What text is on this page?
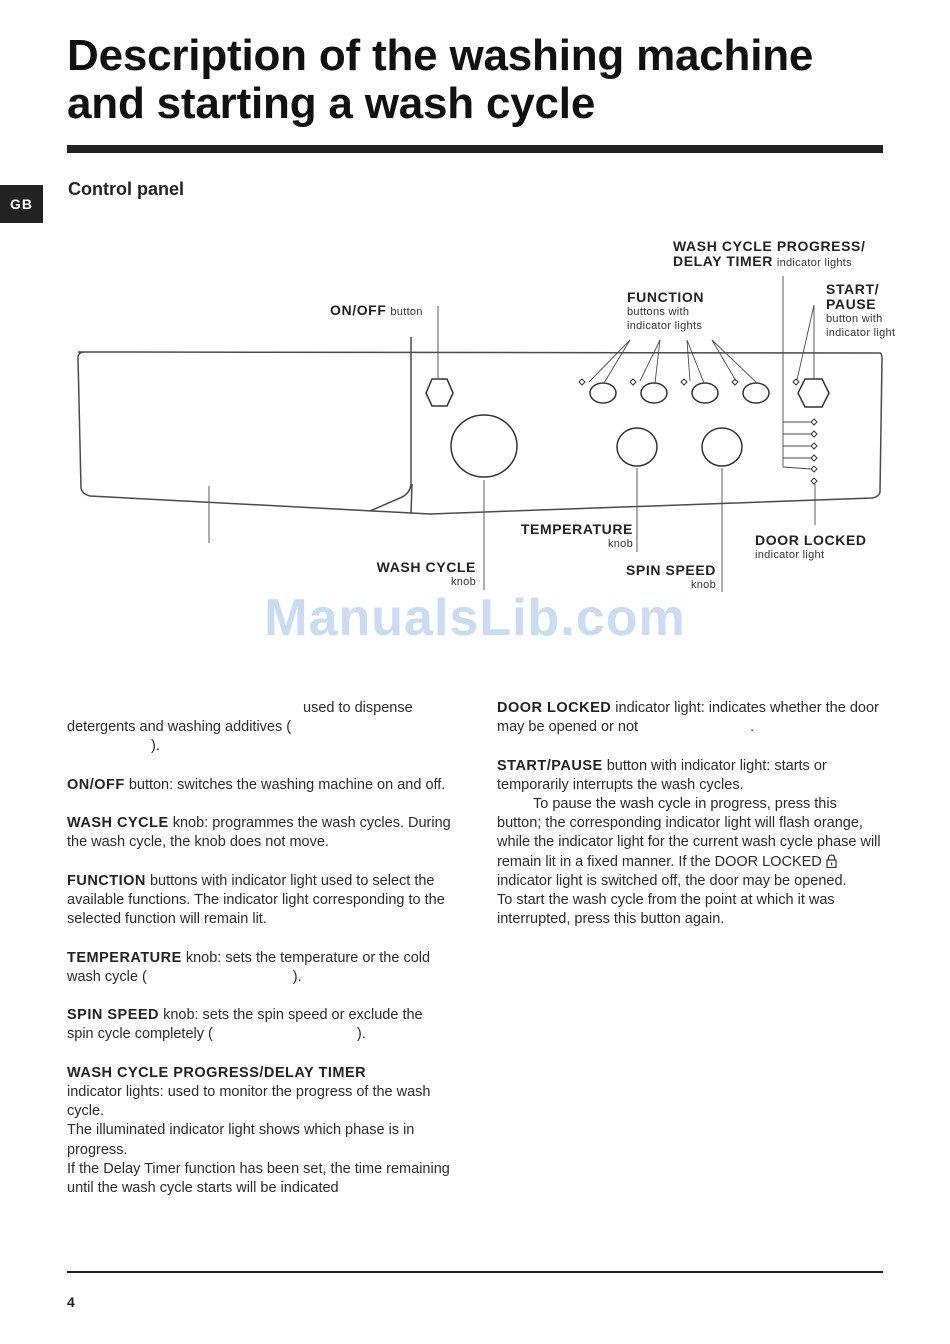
Description of the washing machine
and starting a wash cycle
GB
Control panel
WASH CYCLE PROGRESS/
DELAY TIMER indicator lights
ON/OFF button
FUNCTION
buttons with
indicator lights
START/
PAUSE
button with
indicator light
TEMPERATURE
knob	DOOR LOCKED
indicator light
WASH CYCLE
knob
SPIN SPEED
knob
ManualsLib.com

used to dispense detergents and washing additives (
).

ON/OFF button: switches the washing machine on and off.

WASH CYCLE knob: programmes the wash cycles. During the wash cycle, the knob does not move.

FUNCTION buttons with indicator light used to select the available functions. The indicator light corresponding to the selected function will remain lit.

TEMPERATURE knob: sets the temperature or the cold wash cycle (	).

SPIN SPEED knob: sets the spin speed or exclude the spin cycle completely (	).

WASH CYCLE PROGRESS/DELAY TIMER
indicator lights: used to monitor the progress of the wash cycle.
The illuminated indicator light shows which phase is in progress.
If the Delay Timer function has been set, the time remaining until the wash cycle starts will be indicated

DOOR LOCKED indicator light: indicates whether the door may be opened or not	.

START/PAUSE button with indicator light: starts or temporarily interrupts the wash cycles.
To pause the wash cycle in progress, press this button; the corresponding indicator light will flash orange, while the indicator light for the current wash cycle phase will remain lit in a fixed manner. If the DOOR LOCKED  indicator light is switched off, the door may be opened.
To start the wash cycle from the point at which it was interrupted, press this button again.

4
